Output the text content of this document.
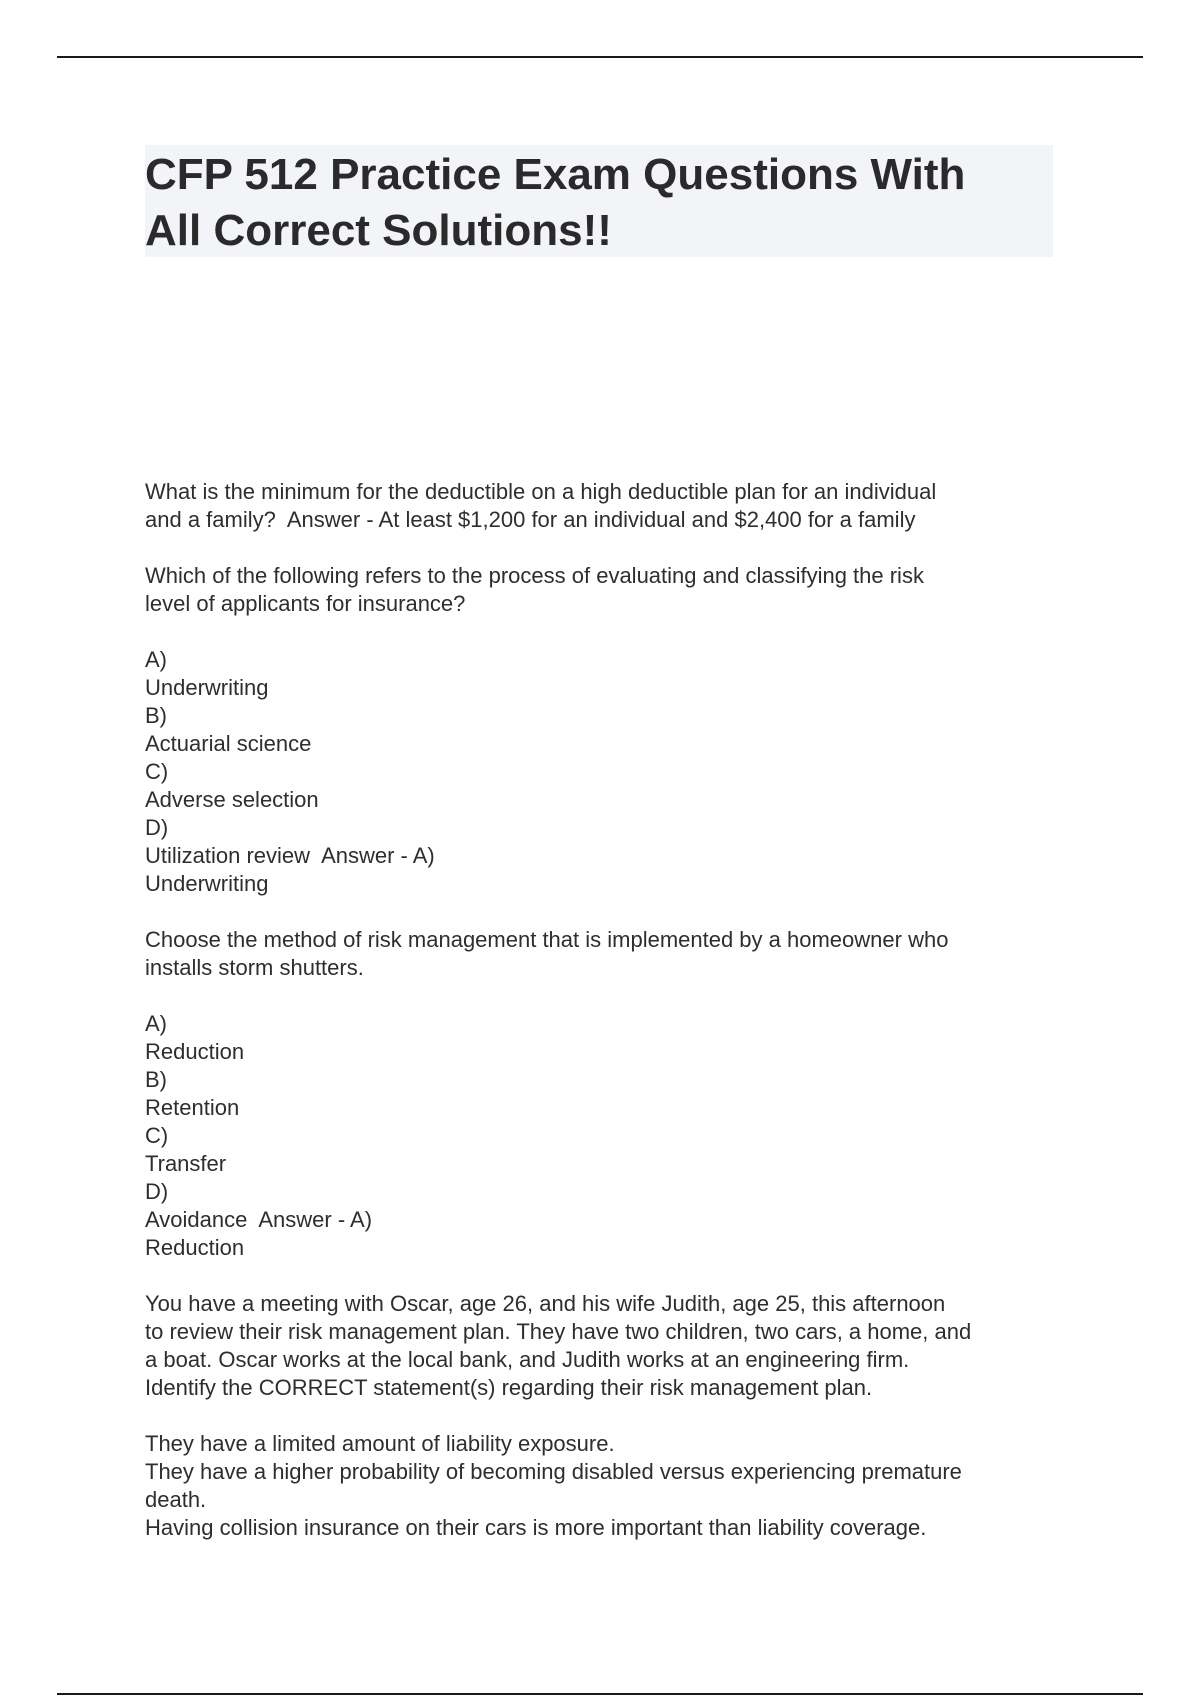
CFP 512 Practice Exam Questions With
All Correct Solutions!!
What is the minimum for the deductible on a high deductible plan for an individual
and a family?  Answer - At least $1,200 for an individual and $2,400 for a family
Which of the following refers to the process of evaluating and classifying the risk
level of applicants for insurance?
A)
Underwriting
B)
Actuarial science
C)
Adverse selection
D)
Utilization review  Answer - A)
Underwriting
Choose the method of risk management that is implemented by a homeowner who
installs storm shutters.
A)
Reduction
B)
Retention
C)
Transfer
D)
Avoidance  Answer - A)
Reduction
You have a meeting with Oscar, age 26, and his wife Judith, age 25, this afternoon
to review their risk management plan. They have two children, two cars, a home, and
a boat. Oscar works at the local bank, and Judith works at an engineering firm.
Identify the CORRECT statement(s) regarding their risk management plan.
They have a limited amount of liability exposure.
They have a higher probability of becoming disabled versus experiencing premature
death.
Having collision insurance on their cars is more important than liability coverage.
